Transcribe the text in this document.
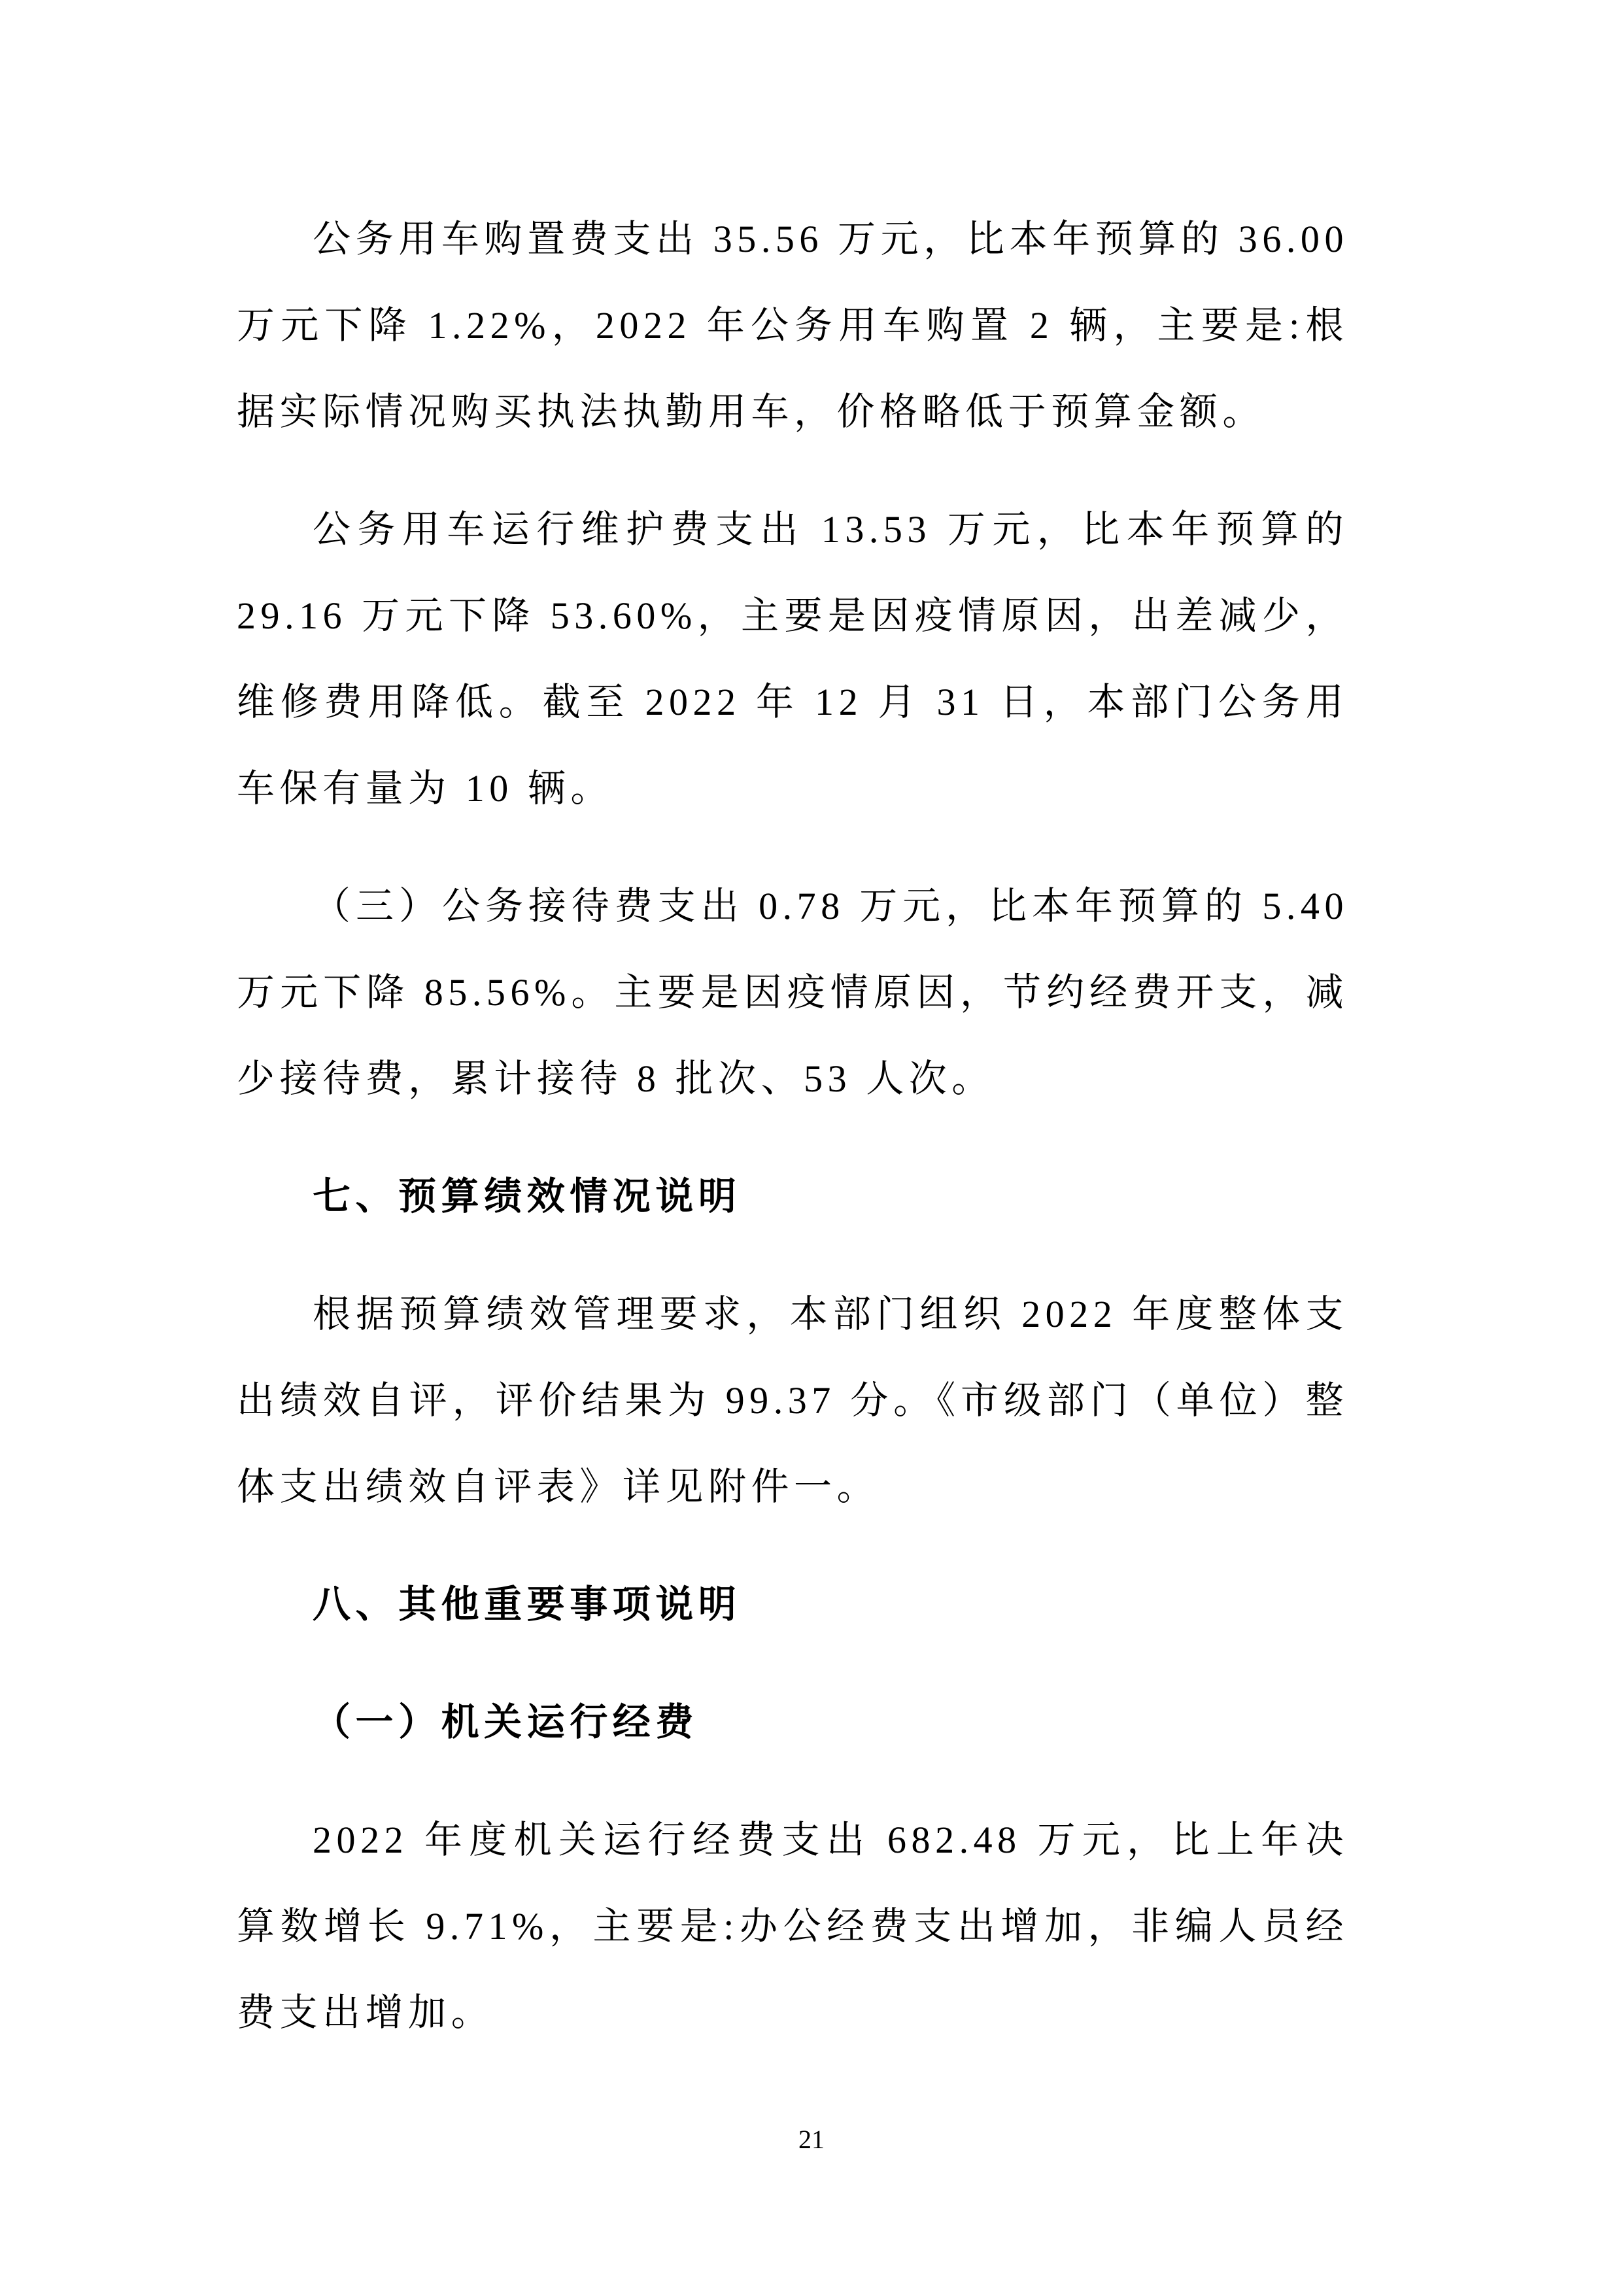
公务用车购置费支出 35.56 万元，比本年预算的 36.00 万元下降 1.22%，2022 年公务用车购置 2 辆，主要是:根据实际情况购买执法执勤用车，价格略低于预算金额。

公务用车运行维护费支出 13.53 万元，比本年预算的 29.16 万元下降 53.60%，主要是因疫情原因，出差减少，维修费用降低。截至 2022 年 12 月 31 日，本部门公务用车保有量为 10 辆。

（三）公务接待费支出 0.78 万元，比本年预算的 5.40 万元下降 85.56%。主要是因疫情原因，节约经费开支，减少接待费，累计接待 8 批次、53 人次。

七、预算绩效情况说明

根据预算绩效管理要求，本部门组织 2022 年度整体支出绩效自评，评价结果为 99.37 分。《市级部门（单位）整体支出绩效自评表》详见附件一。

八、其他重要事项说明
（一）机关运行经费

2022 年度机关运行经费支出 682.48 万元，比上年决算数增长 9.71%，主要是:办公经费支出增加，非编人员经费支出增加。

21
